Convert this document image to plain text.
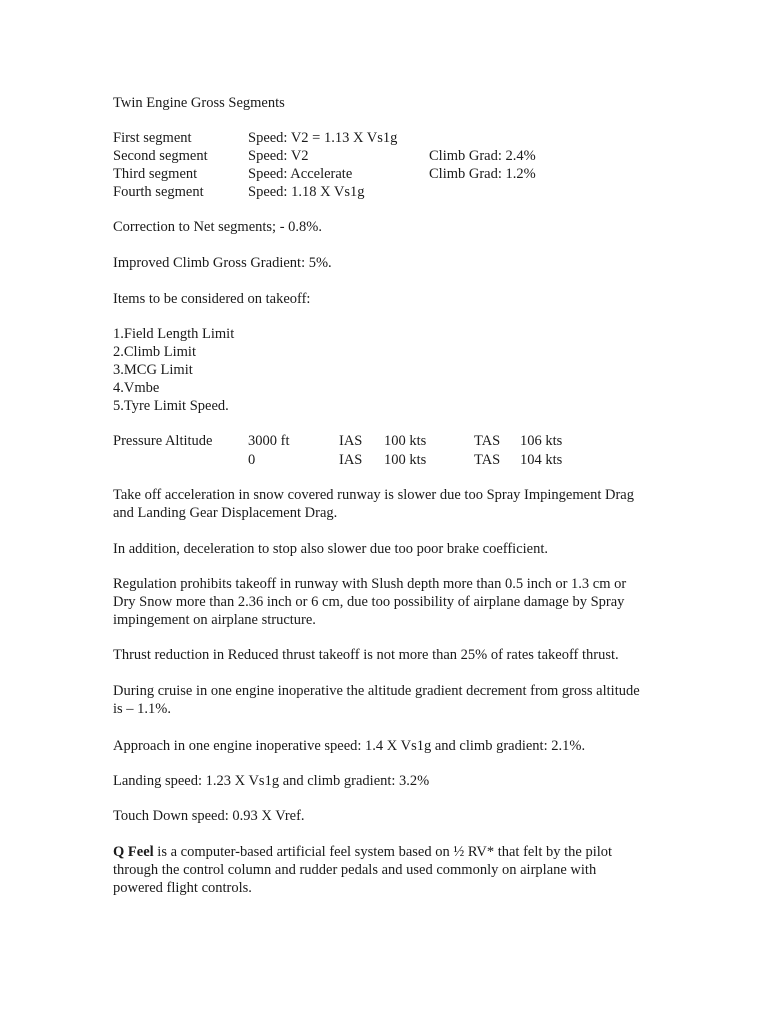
Twin Engine Gross Segments
First segment	Speed: V2 = 1.13 X Vs1g
Second segment	Speed: V2	Climb Grad: 2.4%
Third segment	Speed: Accelerate	Climb Grad: 1.2%
Fourth segment	Speed: 1.18 X Vs1g
Correction to Net segments; - 0.8%.
Improved Climb Gross Gradient: 5%.
Items to be considered on takeoff:
1.Field Length Limit
2.Climb Limit
3.MCG Limit
4.Vmbe
5.Tyre Limit Speed.
Pressure Altitude 3000 ft	IAS 100 kts	TAS 106 kts
0	IAS 100 kts	TAS 104 kts
Take off acceleration in snow covered runway is slower due too Spray Impingement Drag and Landing Gear Displacement Drag.
In addition, deceleration to stop also slower due too poor brake coefficient.
Regulation prohibits takeoff in runway with Slush depth more than 0.5 inch or 1.3 cm or Dry Snow more than 2.36 inch or 6 cm, due too possibility of airplane damage by Spray impingement on airplane structure.
Thrust reduction in Reduced thrust takeoff is not more than 25% of rates takeoff thrust.
During cruise in one engine inoperative the altitude gradient decrement from gross altitude is – 1.1%.
Approach in one engine inoperative speed: 1.4 X Vs1g and climb gradient: 2.1%.
Landing speed: 1.23 X Vs1g and climb gradient: 3.2%
Touch Down speed: 0.93 X Vref.
Q Feel is a computer-based artificial feel system based on ½ RV* that felt by the pilot through the control column and rudder pedals and used commonly on airplane with powered flight controls.
